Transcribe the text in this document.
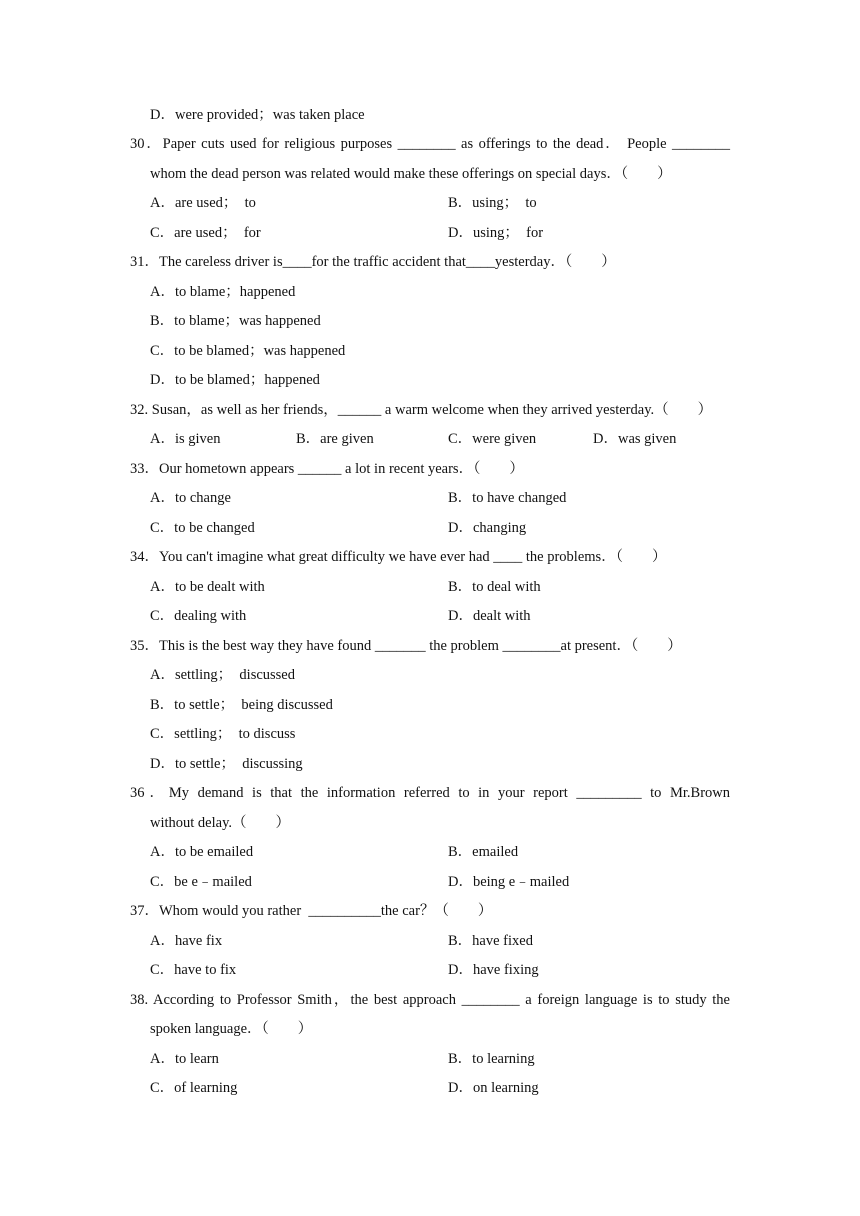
D．were provided；was taken place
30．Paper cuts used for religious purposes ________ as offerings to the dead． People ________
whom the dead person was related would make these offerings on special days．（　　）
A．are used；  to	B．using；  to
C．are used；  for	D．using；  for
31．The careless driver is____for the traffic accident that____yesterday．（　　）
A．to blame；happened
B．to blame；was happened
C．to be blamed；was happened
D．to be blamed；happened
32. Susan，as well as her friends，______ a warm welcome when they arrived yesterday.（　　）
A．is given	B．are given	C．were given	D．was given
33．Our hometown appears ______ a lot in recent years．（　　）
A．to change	B．to have changed
C．to be changed	D．changing
34．You can't imagine what great difficulty we have ever had ____ the problems．（　　）
A．to be dealt with	B．to deal with
C．dealing with	D．dealt with
35．This is the best way they have found _______ the problem ________at present．（　　）
A．settling；  discussed
B．to settle；  being discussed
C．settling；  to discuss
D．to settle；  discussing
36．My demand is that the information referred to in your report _________ to Mr.Brown
without delay.（　　）
A．to be emailed	B．emailed
C．be e﹣mailed	D．being e﹣mailed
37．Whom would you rather  __________the car？（　　）
A．have fix	B．have fixed
C．have to fix	D．have fixing
38. According to Professor Smith，the best approach ________ a foreign language is to study the
spoken language．（　　）
A．to learn	B．to learning
C．of learning	D．on learning
